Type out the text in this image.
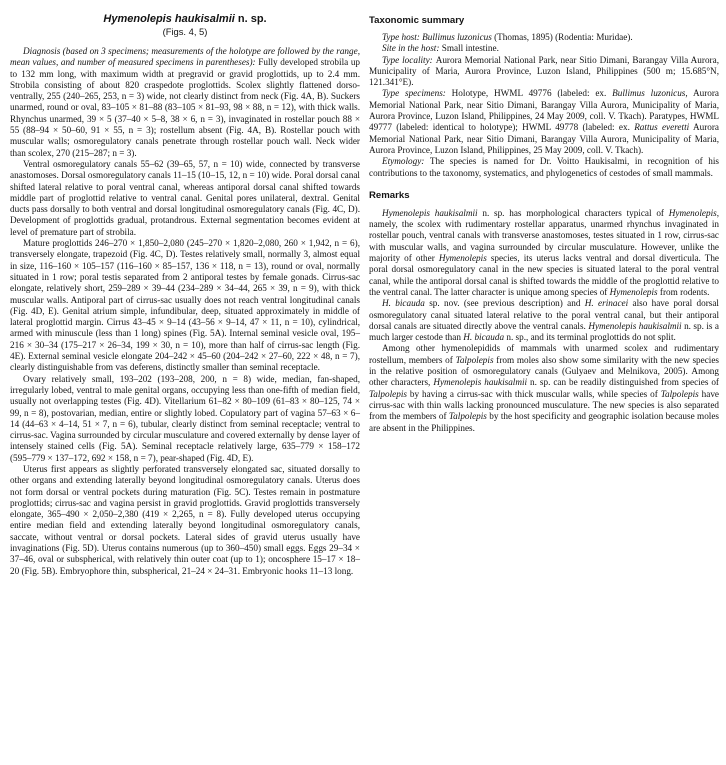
Hymenolepis haukisalmii n. sp.
(Figs. 4, 5)

Diagnosis (based on 3 specimens; measurements of the holotype are followed by the range, mean values, and number of measured specimens in parentheses): Fully developed strobila up to 132 mm long, with maximum width at pregravid or gravid proglottids, up to 2.4 mm. Strobila consisting of about 820 craspedote proglottids. Scolex slightly flattened dorso-ventrally, 255 (240–265, 253, n = 3) wide, not clearly distinct from neck (Fig. 4A, B). Suckers unarmed, round or oval, 83–105 × 81–88 (83–105 × 81–93, 98 × 88, n = 12), with thick walls. Rhynchus unarmed, 39 × 5 (37–40 × 5–8, 38 × 6, n = 3), invaginated in rostellar pouch 88 × 55 (88–94 × 50–60, 91 × 55, n = 3); rostellum absent (Fig. 4A, B). Rostellar pouch with muscular walls; osmoregulatory canals penetrate through rostellar pouch wall. Neck wider than scolex, 270 (215–287; n = 3).

Ventral osmoregulatory canals 55–62 (39–65, 57, n = 10) wide, connected by transverse anastomoses. Dorsal osmoregulatory canals 11–15 (10–15, 12, n = 10) wide. Poral dorsal canal shifted lateral relative to poral ventral canal, whereas antiporal dorsal canal shifted towards middle part of proglottid relative to ventral canal. Genital pores unilateral, dextral. Genital ducts pass dorsally to both ventral and dorsal longitudinal osmoregulatory canals (Fig. 4C, D). Development of proglottids gradual, protandrous. External segmentation becomes evident at level of premature part of strobila.

Mature proglottids 246–270 × 1,850–2,080 (245–270 × 1,820–2,080, 260 × 1,942, n = 6), transversely elongate, trapezoid (Fig. 4C, D). Testes relatively small, normally 3, almost equal in size, 116–160 × 105–157 (116–160 × 85–157, 136 × 118, n = 13), round or oval, normally situated in 1 row; poral testis separated from 2 antiporal testes by female gonads. Cirrus-sac elongate, relatively short, 259–289 × 39–44 (234–289 × 34–44, 265 × 39, n = 9), with thick muscular walls. Antiporal part of cirrus-sac usually does not reach ventral longitudinal canals (Fig. 4D, E). Genital atrium simple, infundibular, deep, situated approximately in middle of lateral proglottid margin. Cirrus 43–45 × 9–14 (43–56 × 9–14, 47 × 11, n = 10), cylindrical, armed with minuscule (less than 1 long) spines (Fig. 5A). Internal seminal vesicle oval, 195–216 × 30–34 (175–217 × 26–34, 199 × 30, n = 10), more than half of cirrus-sac length (Fig. 4E). External seminal vesicle elongate 204–242 × 45–60 (204–242 × 27–60, 222 × 48, n = 7), clearly distinguishable from vas deferens, distinctly smaller than seminal receptacle.

Ovary relatively small, 193–202 (193–208, 200, n = 8) wide, median, fan-shaped, irregularly lobed, ventral to male genital organs, occupying less than one-fifth of median field, usually not overlapping testes (Fig. 4D). Vitellarium 61–82 × 80–109 (61–83 × 80–125, 74 × 99, n = 8), postovarian, median, entire or slightly lobed. Copulatory part of vagina 57–63 × 6–14 (44–63 × 4–14, 51 × 7, n = 6), tubular, clearly distinct from seminal receptacle; ventral to cirrus-sac. Vagina surrounded by circular musculature and covered externally by dense layer of intensely stained cells (Fig. 5A). Seminal receptacle relatively large, 635–779 × 158–172 (595–779 × 137–172, 692 × 158, n = 7), pear-shaped (Fig. 4D, E).

Uterus first appears as slightly perforated transversely elongated sac, situated dorsally to other organs and extending laterally beyond longitudinal osmoregulatory canals. Uterus does not form dorsal or ventral pockets during maturation (Fig. 5C). Testes remain in postmature proglottids; cirrus-sac and vagina persist in gravid proglottids. Gravid proglottids transversely elongate, 365–490 × 2,050–2,380 (419 × 2,265, n = 8). Fully developed uterus occupying entire median field and extending laterally beyond longitudinal osmoregulatory canals, saccate, without ventral or dorsal pockets. Lateral sides of gravid uterus usually have invaginations (Fig. 5D). Uterus contains numerous (up to 360–450) small eggs. Eggs 29–34 × 37–46, oval or subspherical, with relatively thin outer coat (up to 1); oncosphere 15–17 × 18–20 (Fig. 5B). Embryophore thin, subspherical, 21–24 × 24–31. Embryonic hooks 11–13 long.

Taxonomic summary

Type host: Bullimus luzonicus (Thomas, 1895) (Rodentia: Muridae).

Site in the host: Small intestine.

Type locality: Aurora Memorial National Park, near Sitio Dimani, Barangay Villa Aurora, Municipality of Maria, Aurora Province, Luzon Island, Philippines (500 m; 15.685°N, 121.341°E).

Type specimens: Holotype, HWML 49776 (labeled: ex. Bullimus luzonicus, Aurora Memorial National Park, near Sitio Dimani, Barangay Villa Aurora, Municipality of Maria, Aurora Province, Luzon Island, Philippines, 24 May 2009, coll. V. Tkach). Paratypes, HWML 49777 (labeled: identical to holotype); HWML 49778 (labeled: ex. Rattus everetti Aurora Memorial National Park, near Sitio Dimani, Barangay Villa Aurora, Municipality of Maria, Aurora Province, Luzon Island, Philippines, 25 May 2009, coll. V. Tkach).

Etymology: The species is named for Dr. Voitto Haukisalmi, in recognition of his contributions to the taxonomy, systematics, and phylogenetics of cestodes of small mammals.

Remarks

Hymenolepis haukisalmii n. sp. has morphological characters typical of Hymenolepis, namely, the scolex with rudimentary rostellar apparatus, unarmed rhynchus invaginated in rostellar pouch, ventral canals with transverse anastomoses, testes situated in 1 row, cirrus-sac with muscular walls, and vagina surrounded by circular musculature. However, unlike the majority of other Hymenolepis species, its uterus lacks ventral and dorsal diverticula. The poral dorsal osmoregulatory canal in the new species is situated lateral to the poral ventral canal, while the antiporal dorsal canal is shifted towards the middle of the proglottid relative to the ventral canal. The latter character is unique among species of Hymenolepis from rodents.

H. bicauda sp. nov. (see previous description) and H. erinacei also have poral dorsal osmoregulatory canal situated lateral relative to the poral ventral canal, but their antiporal dorsal canals are situated directly above the ventral canals. Hymenolepis haukisalmii n. sp. is a much larger cestode than H. bicauda n. sp., and its terminal proglottids do not split.

Among other hymenolepidids of mammals with unarmed scolex and rudimentary rostellum, members of Talpolepis from moles also show some similarity with the new species in the relative position of osmoregulatory canals (Gulyaev and Melnikova, 2005). Among other characters, Hymenolepis haukisalmii n. sp. can be readily distinguished from species of Talpolepis by having a cirrus-sac with thick muscular walls, while species of Talpolepis have cirrus-sac with thin walls lacking pronounced musculature. The new species is also separated from the members of Talpolepis by the host specificity and geographic isolation because moles are absent in the Philippines.
